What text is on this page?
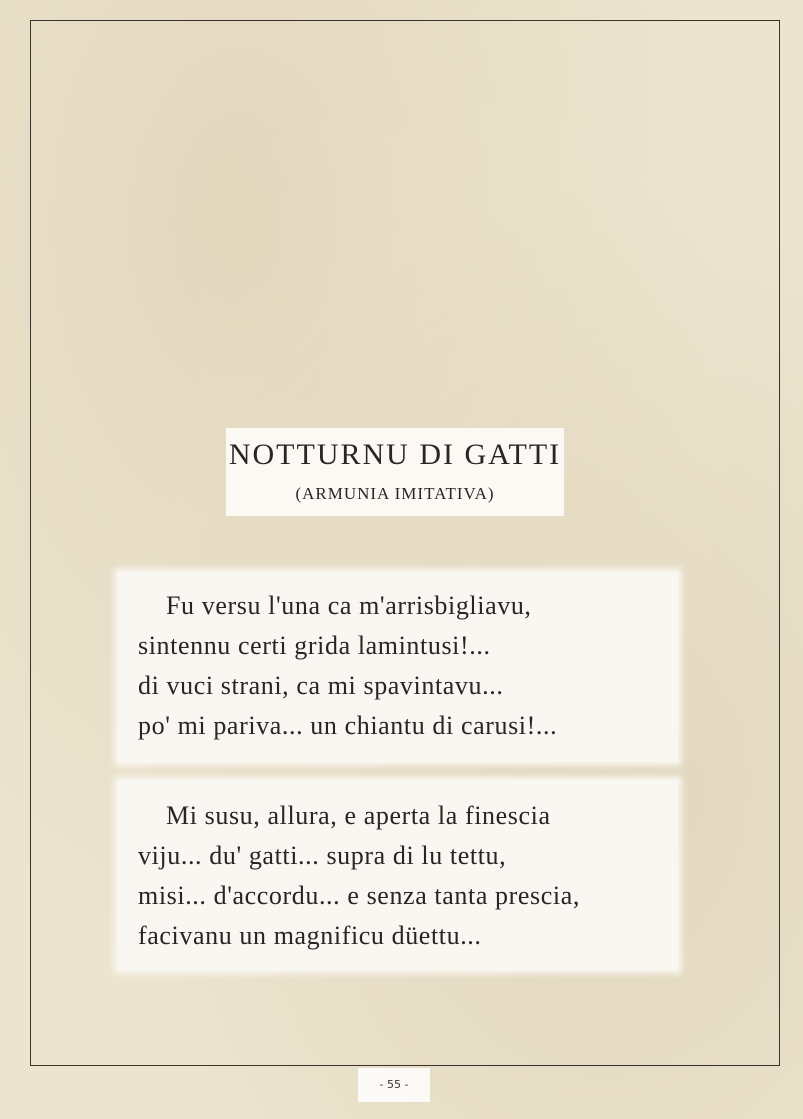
NOTTURNU DI GATTI

(ARMUNIA IMITATIVA)

Fu versu l'una ca m'arrisbigliavu,
sintennu certi grida lamintusi!...
di vuci strani, ca mi spavintavu...
po' mi pariva... un chiantu di carusi!...
Mi susu, allura, e aperta la finescia
viju... du' gatti... supra di lu tettu,
misi... d'accordu... e senza tanta prescia,
facivanu un magnificu düettu...
- 55 -
